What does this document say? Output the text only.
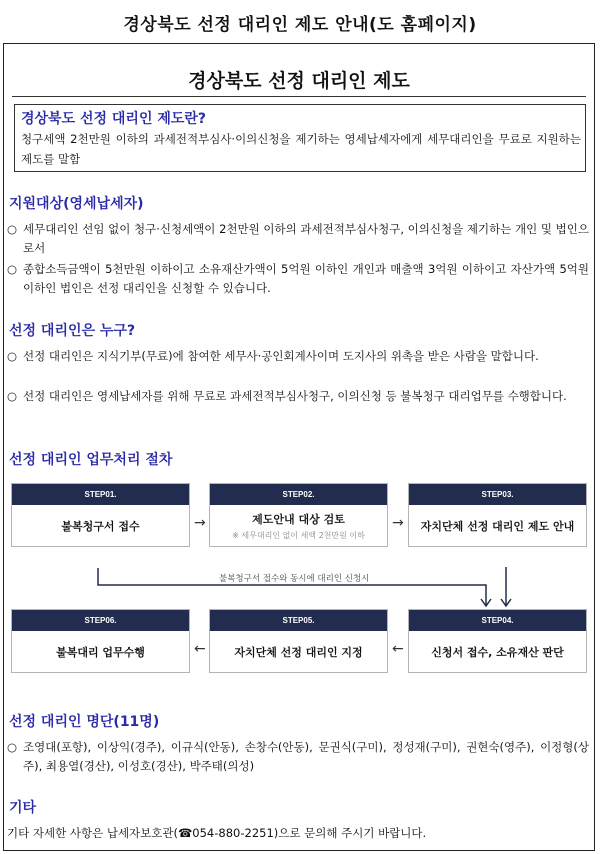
경상북도 선정 대리인 제도 안내(도 홈페이지)
경상북도 선정 대리인 제도
경상북도 선정 대리인 제도란?
청구세액 2천만원 이하의 과세전적부심사·이의신청을 제기하는 영세납세자에게 세무대리인을 무료로 지원하는 제도를 말함
지원대상(영세납세자)
○ 세무대리인 선임 없이 청구·신청세액이 2천만원 이하의 과세전적부심사청구, 이의신청을 제기하는 개인 및 법인으로서
○ 종합소득금액이 5천만원 이하이고 소유재산가액이 5억원 이하인 개인과 매출액 3억원 이하이고 자산가액 5억원 이하인 법인은 선정 대리인을 신청할 수 있습니다.
선정 대리인은 누구?
○ 선정 대리인은 지식기부(무료)에 참여한 세무사·공인회계사이며 도지사의 위촉을 받은 사람을 말합니다.
○ 선정 대리인은 영세납세자를 위해 무료로 과세전적부심사청구, 이의신청 등 불복청구 대리업무를 수행합니다.
선정 대리인 업무처리 절차
불복청구서 접수와 동시에 대리인 신청시
STEP01.
불복청구서 접수	→
STEP02.
제도안내 대상 검토
※ 세무대리인 없이 세액 2천만원 이하
→
STEP03.
자치단체 선정 대리인 제도 안내
STEP06.
불복대리 업무수행	←
STEP05.
자치단체 선정 대리인 지정 ←
STEP04.
신청서 접수, 소유재산 판단
선정 대리인 명단(11명)
○ 조영대(포항), 이상익(경주), 이규식(안동), 손창수(안동), 문권식(구미), 정성재(구미), 권현숙(영주), 이정형(상주), 최용열(경산), 이성호(경산), 박주태(의성)
기타
기타 자세한 사항은 납세자보호관(☎054-880-2251)으로 문의해 주시기 바랍니다.
